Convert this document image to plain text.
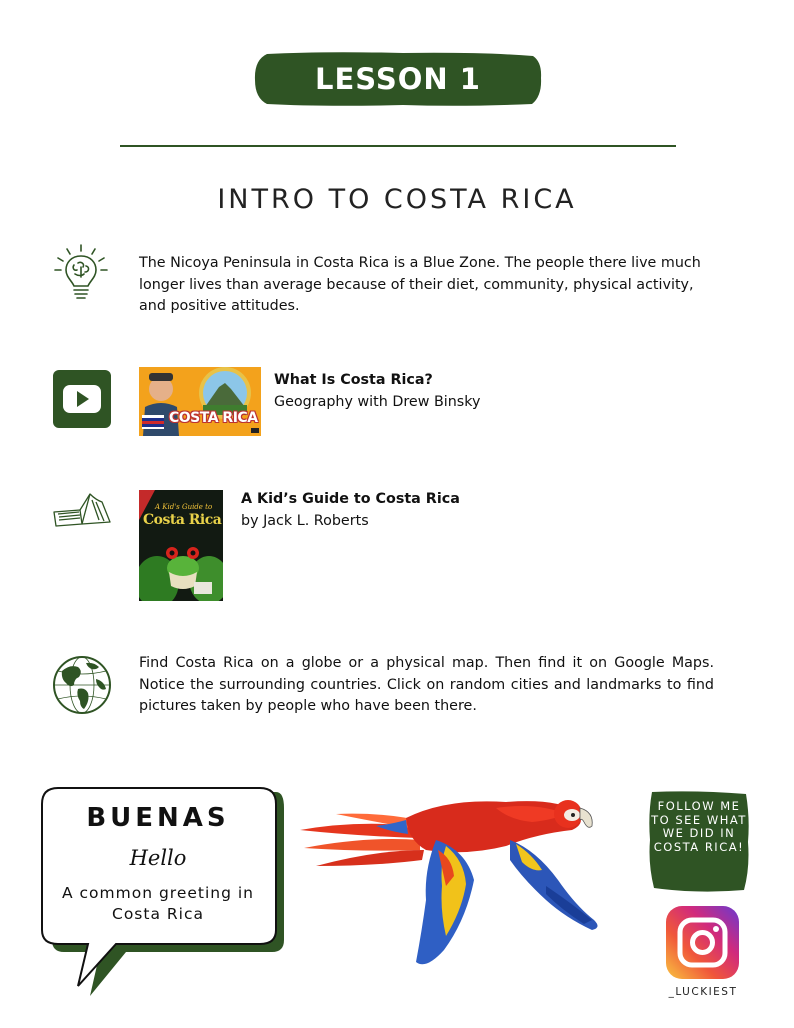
LESSON 1
INTRO TO COSTA RICA
The Nicoya Peninsula in Costa Rica is a Blue Zone. The people there live much longer lives than average because of their diet, community, physical activity, and positive attitudes.
COSTA RICA
What Is Costa Rica?
Geography with Drew Binsky
A Kid's Guide to
Costa Rica
A Kid’s Guide to Costa Rica
by Jack L. Roberts
Find Costa Rica on a globe or a physical map. Then find it on Google Maps. Notice the surrounding countries. Click on random cities and landmarks to find pictures taken by people who have been there.
BUENAS
Hello
A common greeting in Costa Rica
FOLLOW ME TO SEE WHAT WE DID IN COSTA RICA!
_LUCKIEST
